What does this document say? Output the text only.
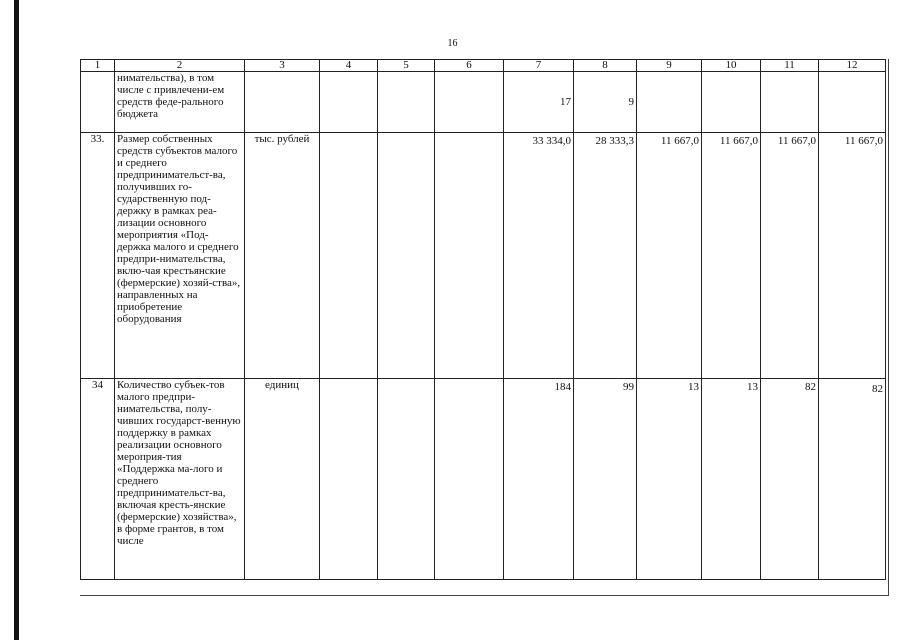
16
1	2	3	4	5	6	7	8	9	10	11	12
	нимательства), в том числе с привлечени-ем средств феде-рального бюджета					17	9				

33.	Размер собственных средств субъектов малого и среднего предпринимательст-ва, получивших го-сударственную под-держку в рамках реа-лизации основного мероприятия «Под-держка малого и среднего предпри-нимательства, вклю-чая крестьянские (фермерские) хозяй-ства», направленных на приобретение оборудования	тыс. рублей				33 334,0	28 333,3	11 667,0	11 667,0	11 667,0	11 667,0
34	Количество субъек-тов малого предпри-нимательства, полу-чивших государст-венную поддержку в рамках реализации основного мероприя-тия «Поддержка ма-лого и среднего предпринимательст-ва, включая кресть-янские (фермерские) хозяйства», в форме грантов, в том числе	единиц				184	99	13	13	82	82
